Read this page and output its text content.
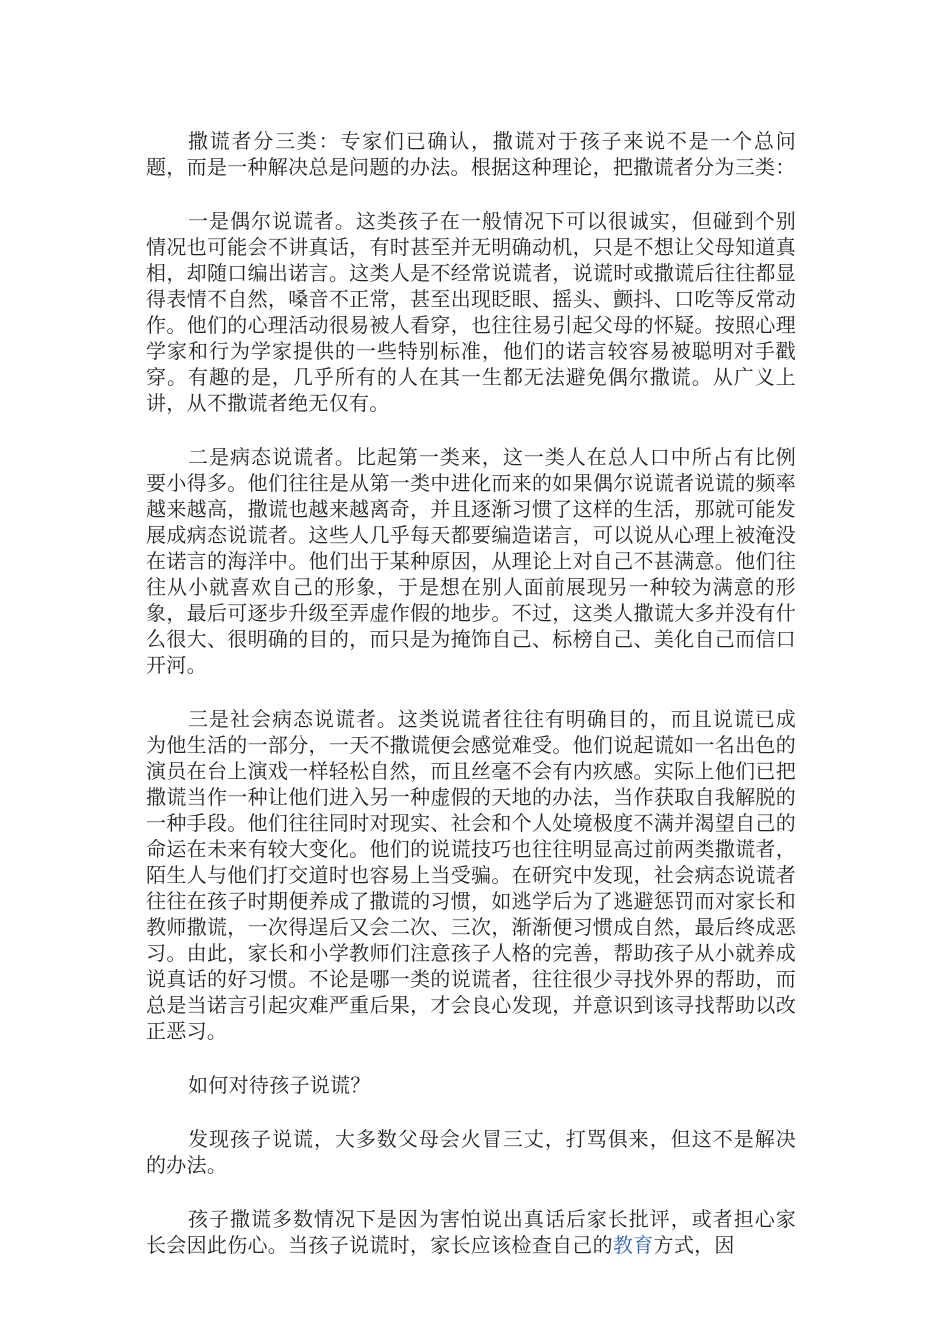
撒谎者分三类：专家们已确认，撒谎对于孩子来说不是一个总问题，而是一种解决总是问题的办法。根据这种理论，把撒谎者分为三类：

一是偶尔说谎者。这类孩子在一般情况下可以很诚实，但碰到个别情况也可能会不讲真话，有时甚至并无明确动机，只是不想让父母知道真相，却随口编出诺言。这类人是不经常说谎者，说谎时或撒谎后往往都显得表情不自然，嗓音不正常，甚至出现眨眼、摇头、颤抖、口吃等反常动作。他们的心理活动很易被人看穿，也往往易引起父母的怀疑。按照心理学家和行为学家提供的一些特别标准，他们的诺言较容易被聪明对手戳穿。有趣的是，几乎所有的人在其一生都无法避免偶尔撒谎。从广义上讲，从不撒谎者绝无仅有。

二是病态说谎者。比起第一类来，这一类人在总人口中所占有比例要小得多。他们往往是从第一类中进化而来的如果偶尔说谎者说谎的频率越来越高，撒谎也越来越离奇，并且逐渐习惯了这样的生活，那就可能发展成病态说谎者。这些人几乎每天都要编造诺言，可以说从心理上被淹没在诺言的海洋中。他们出于某种原因，从理论上对自己不甚满意。他们往往从小就喜欢自己的形象，于是想在别人面前展现另一种较为满意的形象，最后可逐步升级至弄虚作假的地步。不过，这类人撒谎大多并没有什么很大、很明确的目的，而只是为掩饰自己、标榜自己、美化自己而信口开河。

三是社会病态说谎者。这类说谎者往往有明确目的，而且说谎已成为他生活的一部分，一天不撒谎便会感觉难受。他们说起谎如一名出色的演员在台上演戏一样轻松自然，而且丝毫不会有内疚感。实际上他们已把撒谎当作一种让他们进入另一种虚假的天地的办法，当作获取自我解脱的一种手段。他们往往同时对现实、社会和个人处境极度不满并渴望自己的命运在未来有较大变化。他们的说谎技巧也往往明显高过前两类撒谎者，陌生人与他们打交道时也容易上当受骗。在研究中发现，社会病态说谎者往往在孩子时期便养成了撒谎的习惯，如逃学后为了逃避惩罚而对家长和教师撒谎，一次得逞后又会二次、三次，渐渐便习惯成自然，最后终成恶习。由此，家长和小学教师们注意孩子人格的完善，帮助孩子从小就养成说真话的好习惯。不论是哪一类的说谎者，往往很少寻找外界的帮助，而总是当诺言引起灾难严重后果，才会良心发现，并意识到该寻找帮助以改正恶习。

如何对待孩子说谎？

发现孩子说谎，大多数父母会火冒三丈，打骂俱来，但这不是解决的办法。

孩子撒谎多数情况下是因为害怕说出真话后家长批评，或者担心家长会因此伤心。当孩子说谎时，家长应该检查自己的教育方式，因
